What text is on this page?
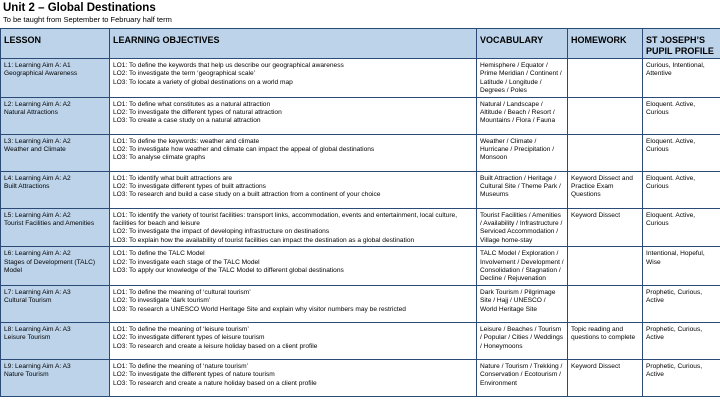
Unit 2 – Global Destinations
To be taught from September to February half term
LESSON	LEARNING OBJECTIVES	VOCABULARY	HOMEWORK	ST JOSEPH’S PUPIL PROFILE

L1: Learning Aim A: A1
Geographical Awareness	LO1: To define the keywords that help us describe our geographical awareness
LO2: To investigate the term ‘geographical scale’
LO3: To locate a variety of global destinations on a world map	Hemisphere / Equator / Prime Meridian / Continent / Latitude / Longitude / Degrees / Poles		Curious, Intentional, Attentive

L2: Learning Aim A: A2
Natural Attractions	LO1: To define what constitutes as a natural attraction
LO2: To investigate the different types of natural attraction
LO3: To create a case study on a natural attraction	Natural / Landscape / Altitude / Beach / Resort / Mountains / Flora / Fauna		Eloquent. Active, Curious

L3: Learning Aim A: A2
Weather and Climate	LO1: To define the keywords: weather and climate
LO2: To investigate how weather and climate can impact the appeal of global destinations
LO3: To analyse climate graphs	Weather / Climate / Hurricane / Precipitation / Monsoon		Eloquent. Active, Curious

L4: Learning Aim A: A2
Built Attractions	LO1: To identify what built attractions are
LO2: To investigate different types of built attractions
LO3: To research and build a case study on a built attraction from a continent of your choice	Built Attraction / Heritage / Cultural Site / Theme Park / Museums	Keyword Dissect and Practice Exam Questions	Eloquent. Active, Curious

L5: Learning Aim A: A2
Tourist Facilities and Amenities	LO1: To identify the variety of tourist facilities: transport links, accommodation, events and entertainment, local culture, facilities for beach and leisure
LO2: To investigate the impact of developing infrastructure on destinations
LO3: To explain how the availability of tourist facilities can impact the destination as a global destination	Tourist Facilities / Amenities / Availability / Infrastructure / Serviced Accommodation / Village home-stay	Keyword Dissect	Eloquent. Active, Curious

L6: Learning Aim A: A2
Stages of Development (TALC) Model	LO1: To define the TALC Model
LO2: To investigate each stage of the TALC Model
LO3: To apply our knowledge of the TALC Model to different global destinations	TALC Model / Exploration / Involvement / Development / Consolidation / Stagnation / Decline / Rejuvenation		Intentional, Hopeful, Wise

L7: Learning Aim A: A3
Cultural Tourism	LO1: To define the meaning of ‘cultural tourism’
LO2: To investigate ‘dark tourism’
LO3: To research a UNESCO World Heritage Site and explain why visitor numbers may be restricted	Dark Tourism / Pilgrimage Site / Hajj / UNESCO / World Heritage Site		Prophetic, Curious, Active

L8: Learning Aim A: A3
Leisure Tourism	LO1: To define the meaning of ‘leisure tourism’
LO2: To investigate different types of leisure tourism
LO3: To research and create a leisure holiday based on a client profile	Leisure / Beaches / Tourism / Popular / Cities / Weddings / Honeymoons	Topic reading and questions to complete	Prophetic, Curious, Active

L9: Learning Aim A: A3
Nature Tourism	LO1: To define the meaning of ‘nature tourism’
LO2: To investigate the different types of nature tourism
LO3: To research and create a nature holiday based on a client profile	Nature / Tourism / Trekking / Conservation / Ecotourism / Environment	Keyword Dissect	Prophetic, Curious, Active
